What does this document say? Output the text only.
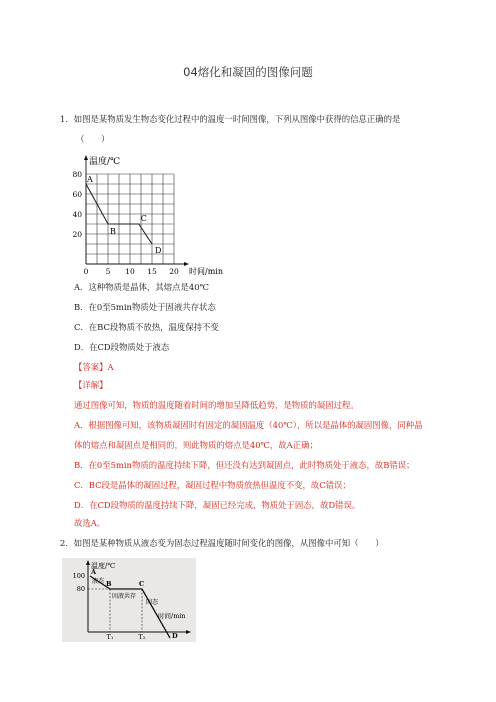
04熔化和凝固的图像问题
1．如图是某物质发生物态变化过程中的温度一时间图像，下列从图像中获得的信息正确的是
（　　）
温度/℃
时间/min
80
60
40
20
0 5 10 15 20
A
B
C
D
A．这种物质是晶体，其熔点是40℃
B．在0至5min物质处于固液共存状态
C．在BC段物质不放热，温度保持不变
D．在CD段物质处于液态
【答案】A
【详解】
通过图像可知，物质的温度随着时间的增加呈降低趋势，是物质的凝固过程。
A．根据图像可知，该物质凝固时有固定的凝固温度（40℃），所以是晶体的凝固图像，同种晶
体的熔点和凝固点是相同的，则此物质的熔点是40℃，故A正确；
B．在0至5min物质的温度持续下降，但还没有达到凝固点，此时物质处于液态，故B错误；
C．BC段是晶体的凝固过程，凝固过程中物质放热但温度不变，故C错误；
D．在CD段物质的温度持续下降，凝固已经完成，物质处于固态，故D错误。
故选A。
2．如图是某种物质从液态变为固态过程温度随时间变化的图像，从图像中可知（　　）
温度/℃
时间/min
100
80
A
B	C
D
液态
固液共存
固态
T₁	T₂
